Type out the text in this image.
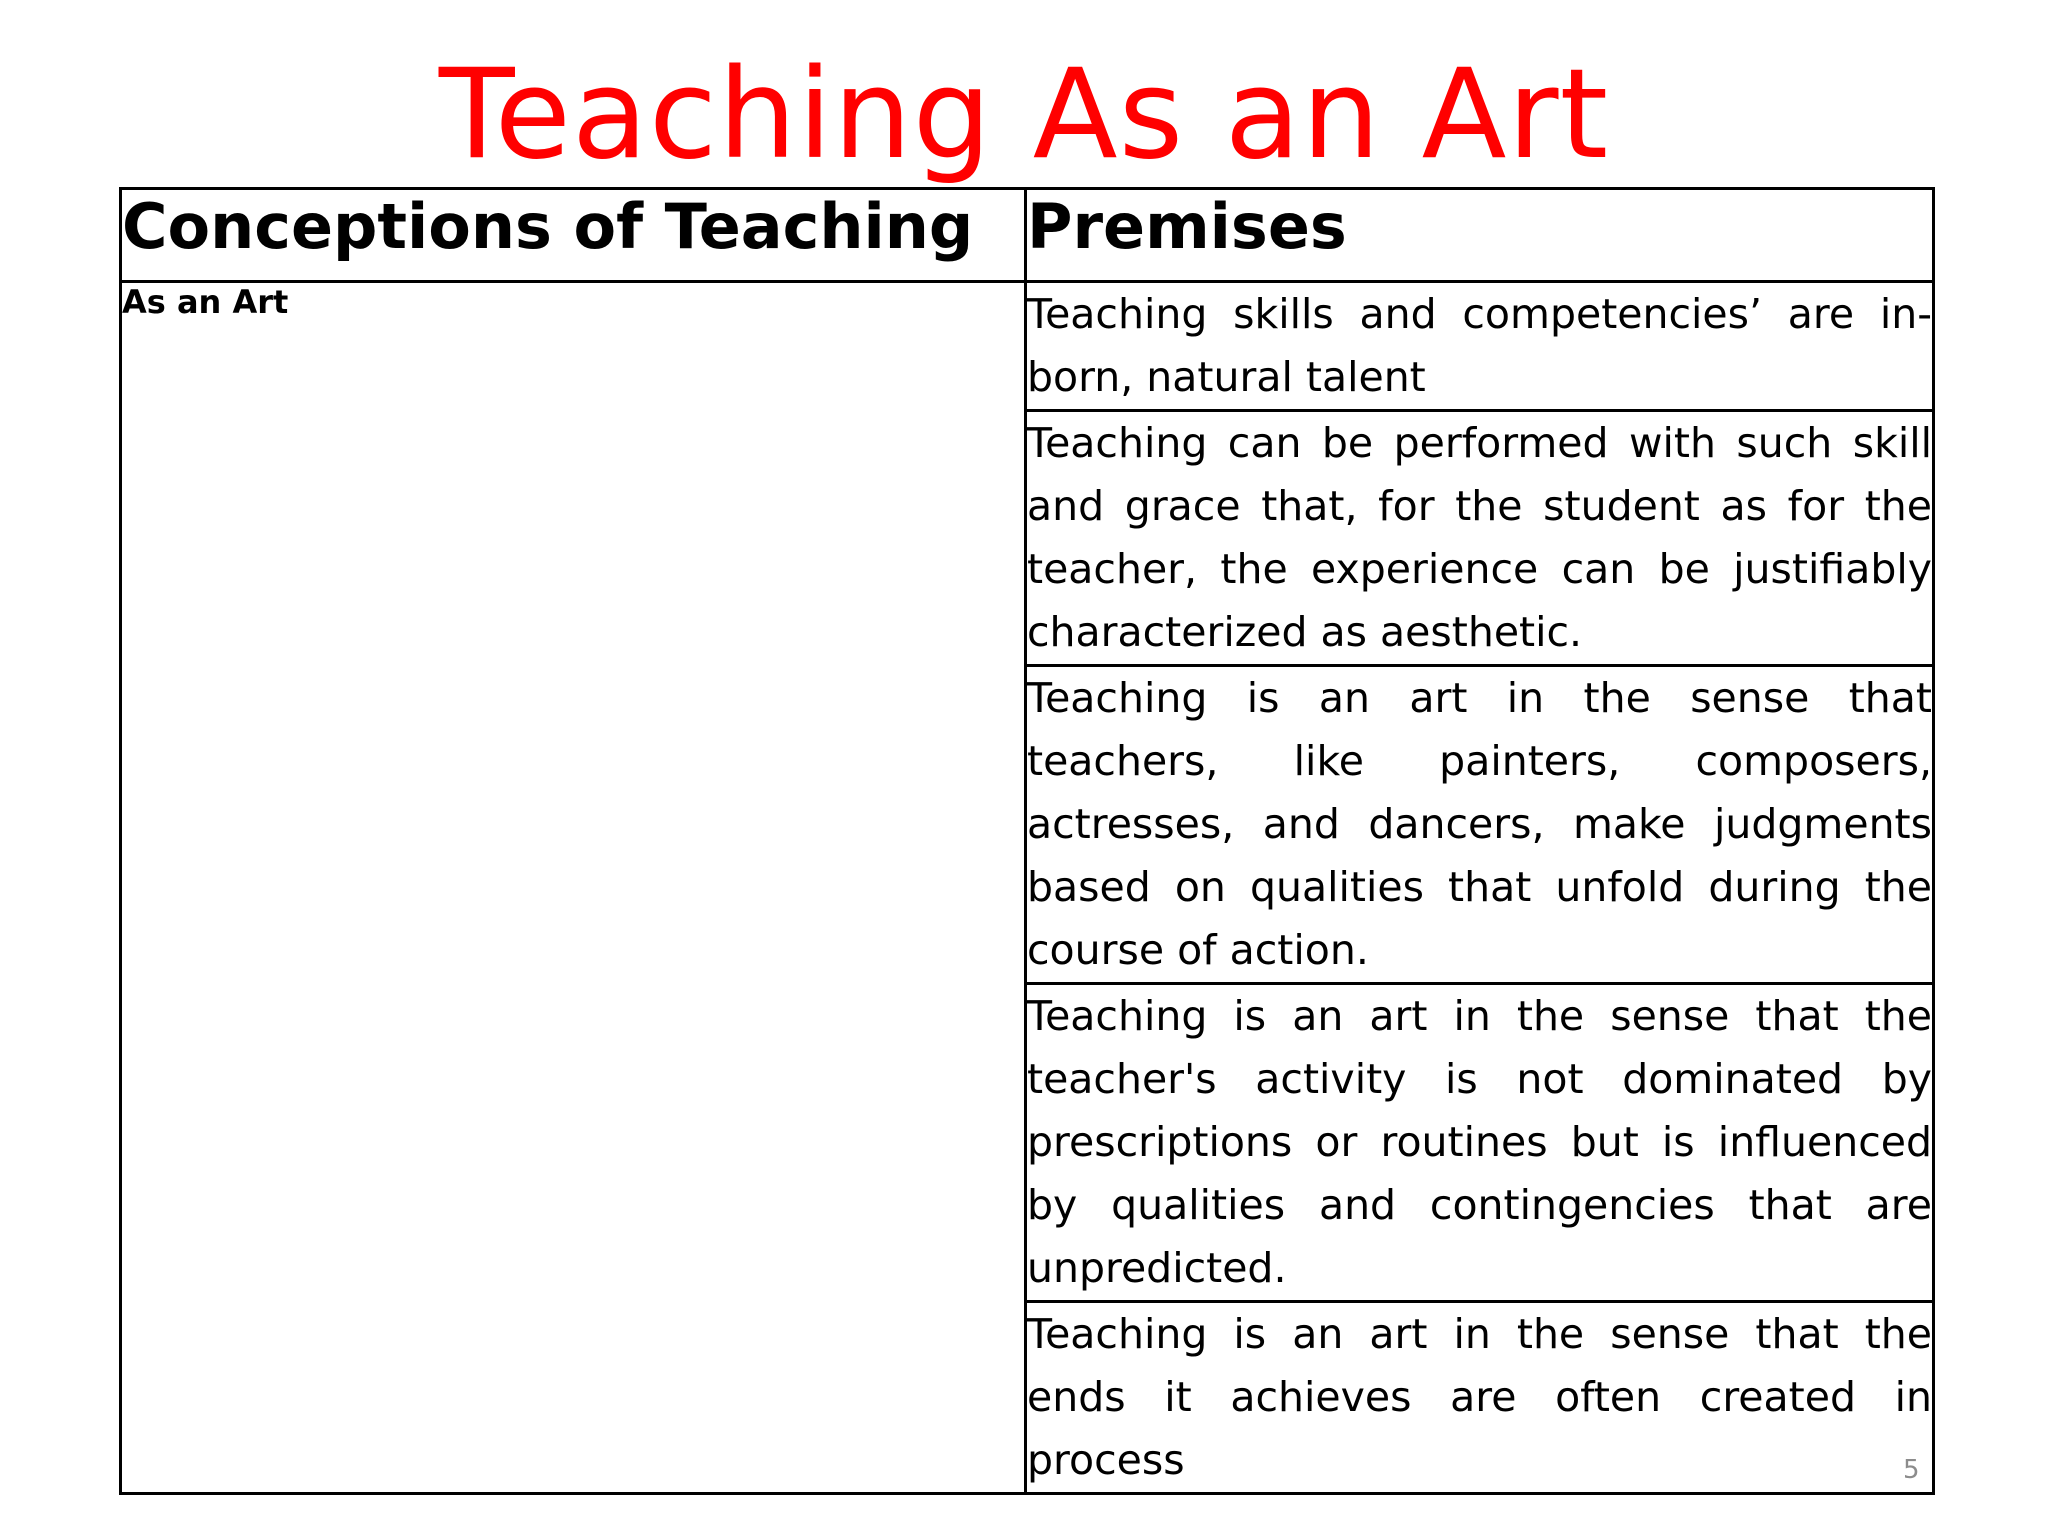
Teaching As an Art
Conceptions of Teaching	Premises
As an Art	Teaching skills and competencies’ are in-born, natural talent
	Teaching can be performed with such skill and grace that, for the student as for the teacher, the experience can be justifiably characterized as aesthetic.
	Teaching is an art in the sense that teachers, like painters, composers, actresses, and dancers, make judgments based on qualities that unfold during the course of action.
	Teaching is an art in the sense that the teacher's activity is not dominated by prescriptions or routines but is influenced by qualities and contingencies that are unpredicted.
	Teaching is an art in the sense that the ends it achieves are often created in process	5
